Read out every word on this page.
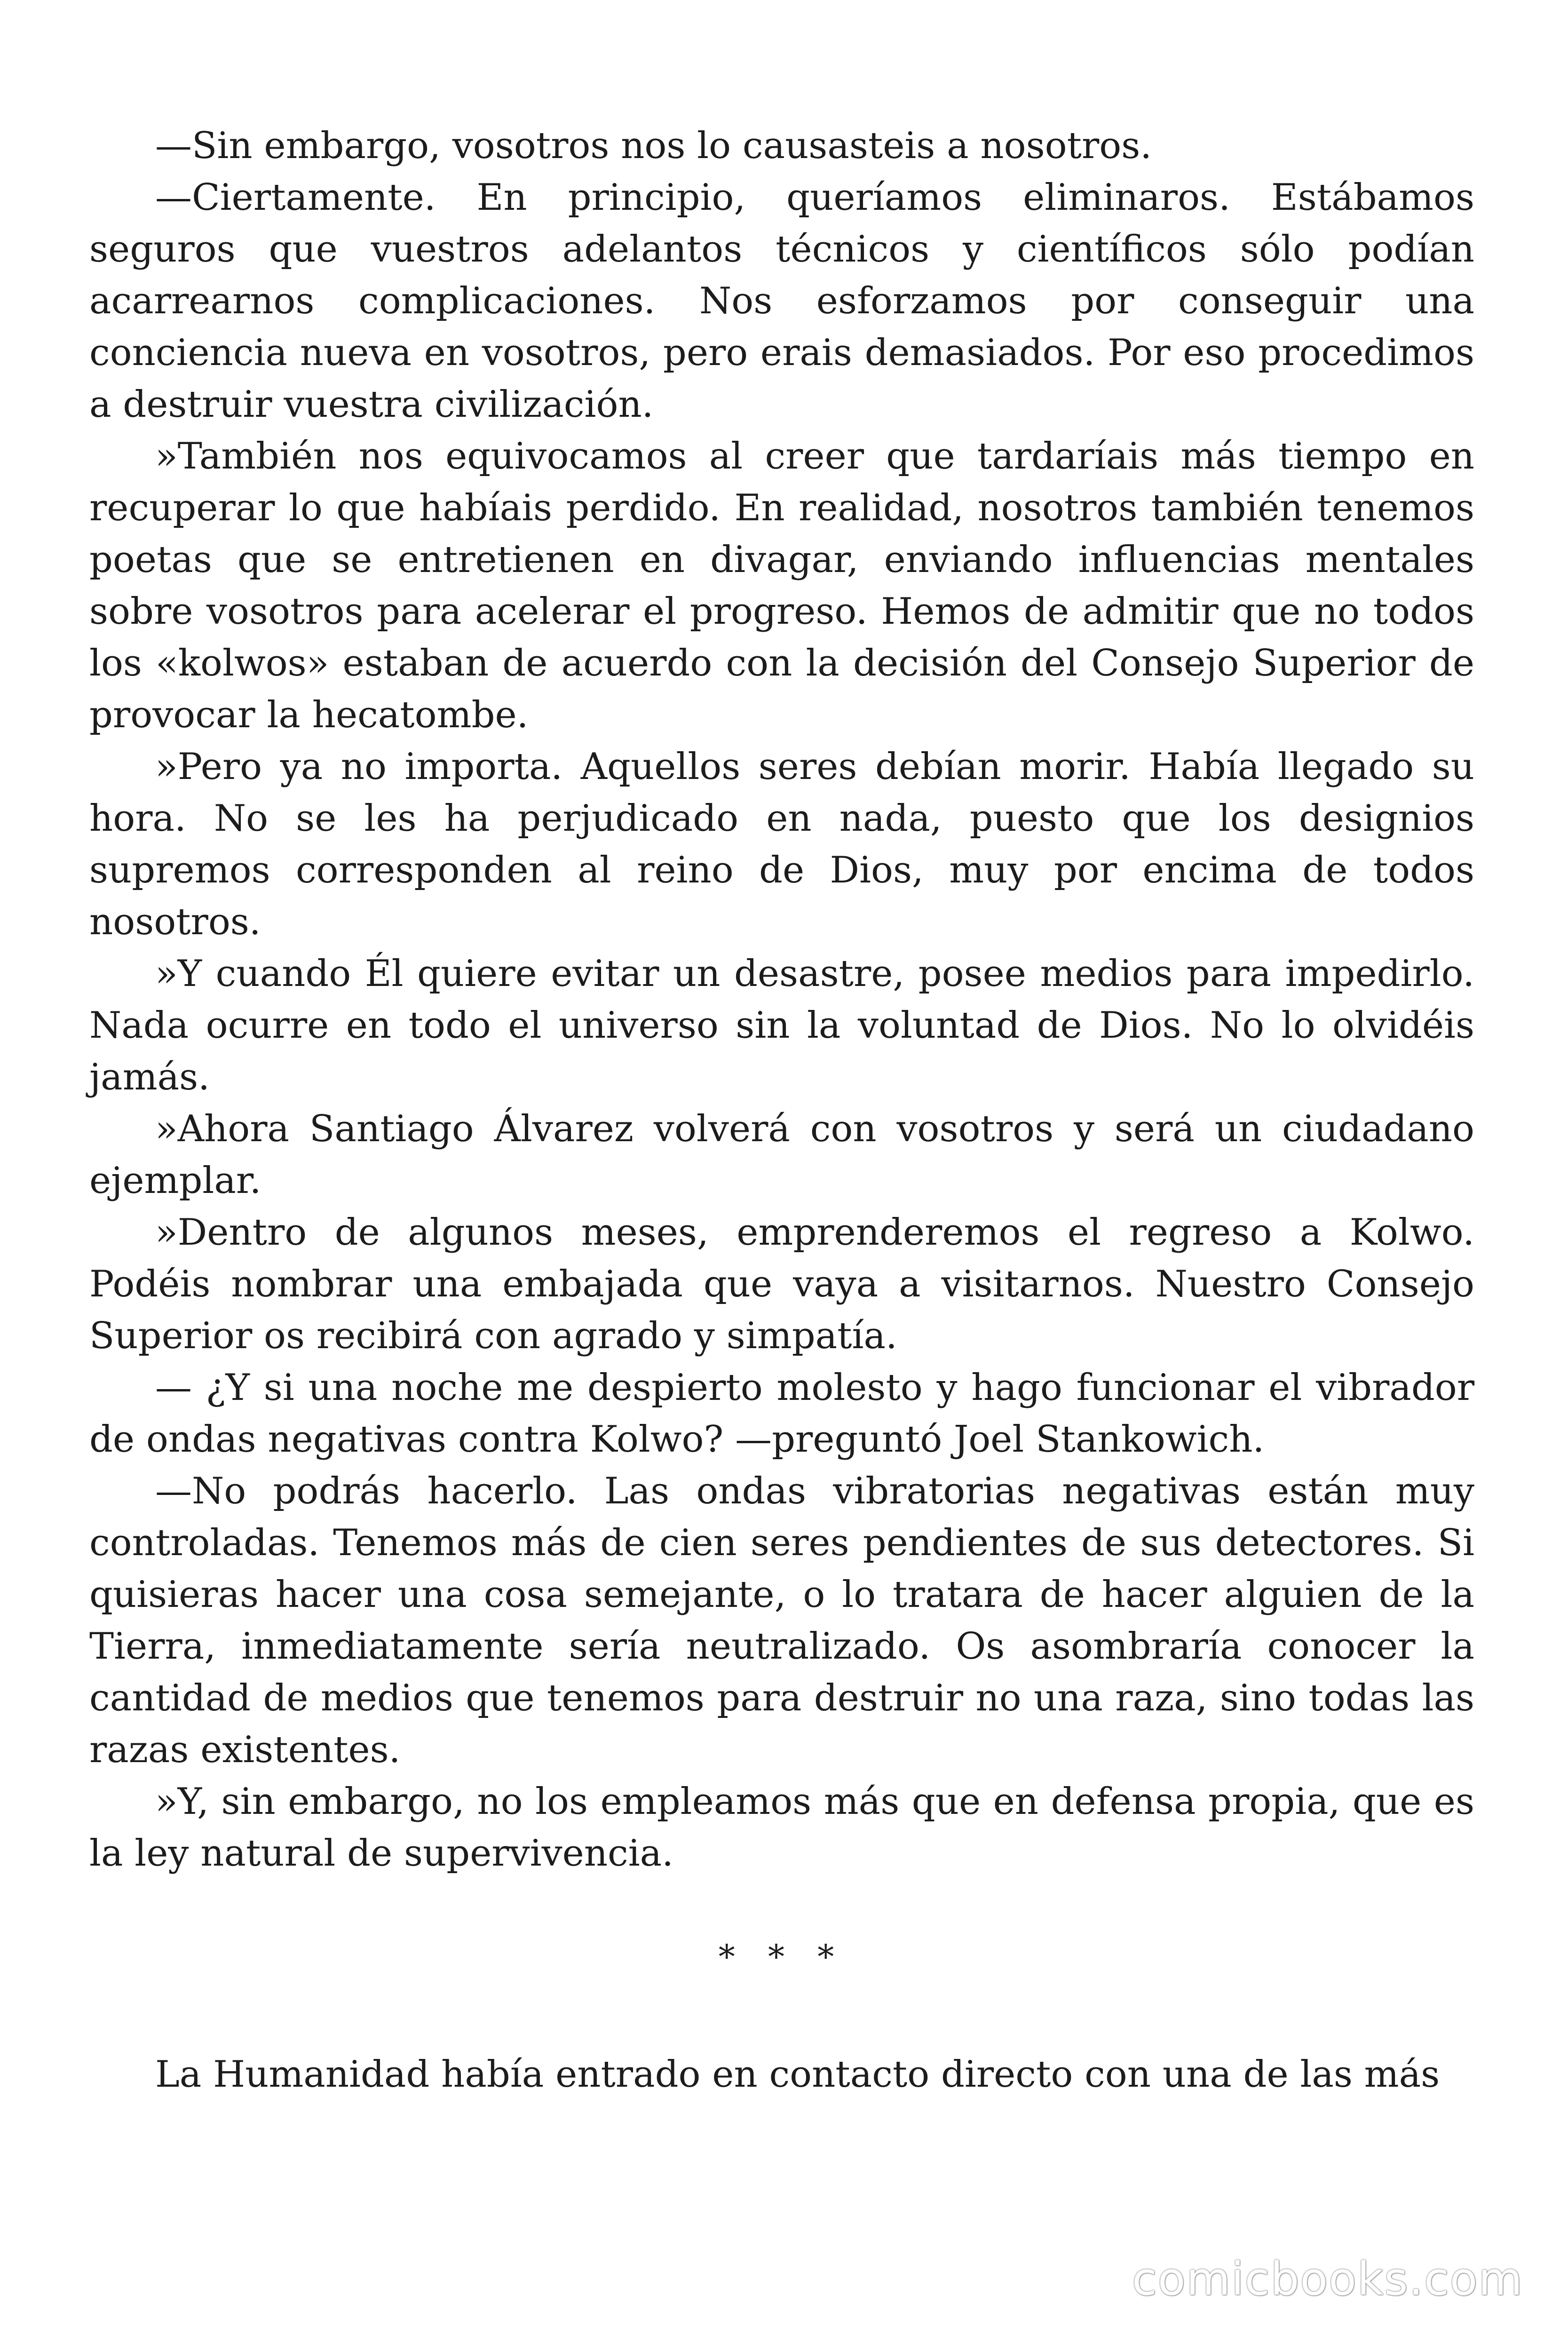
—Sin embargo, vosotros nos lo causasteis a nosotros.

—Ciertamente. En principio, queríamos eliminaros. Estábamos seguros que vuestros adelantos técnicos y científicos sólo podían acarrearnos complicaciones. Nos esforzamos por conseguir una conciencia nueva en vosotros, pero erais demasiados. Por eso procedimos a destruir vuestra civilización.

»También nos equivocamos al creer que tardaríais más tiempo en recuperar lo que habíais perdido. En realidad, nosotros también tenemos poetas que se entretienen en divagar, enviando influencias mentales sobre vosotros para acelerar el progreso. Hemos de admitir que no todos los «kolwos» estaban de acuerdo con la decisión del Consejo Superior de provocar la hecatombe.

»Pero ya no importa. Aquellos seres debían morir. Había llegado su hora. No se les ha perjudicado en nada, puesto que los designios supremos corresponden al reino de Dios, muy por encima de todos nosotros.

»Y cuando Él quiere evitar un desastre, posee medios para impedirlo. Nada ocurre en todo el universo sin la voluntad de Dios. No lo olvidéis jamás.

»Ahora Santiago Álvarez volverá con vosotros y será un ciudadano ejemplar.

»Dentro de algunos meses, emprenderemos el regreso a Kolwo. Podéis nombrar una embajada que vaya a visitarnos. Nuestro Consejo Superior os recibirá con agrado y simpatía.

— ¿Y si una noche me despierto molesto y hago funcionar el vibrador de ondas negativas contra Kolwo? —preguntó Joel Stankowich.

—No podrás hacerlo. Las ondas vibratorias negativas están muy controladas. Tenemos más de cien seres pendientes de sus detectores. Si quisieras hacer una cosa semejante, o lo tratara de hacer alguien de la Tierra, inmediatamente sería neutralizado. Os asombraría conocer la cantidad de medios que tenemos para destruir no una raza, sino todas las razas existentes.

»Y, sin embargo, no los empleamos más que en defensa propia, que es la ley natural de supervivencia.

* * *

La Humanidad había entrado en contacto directo con una de las más

comicbooks.com
